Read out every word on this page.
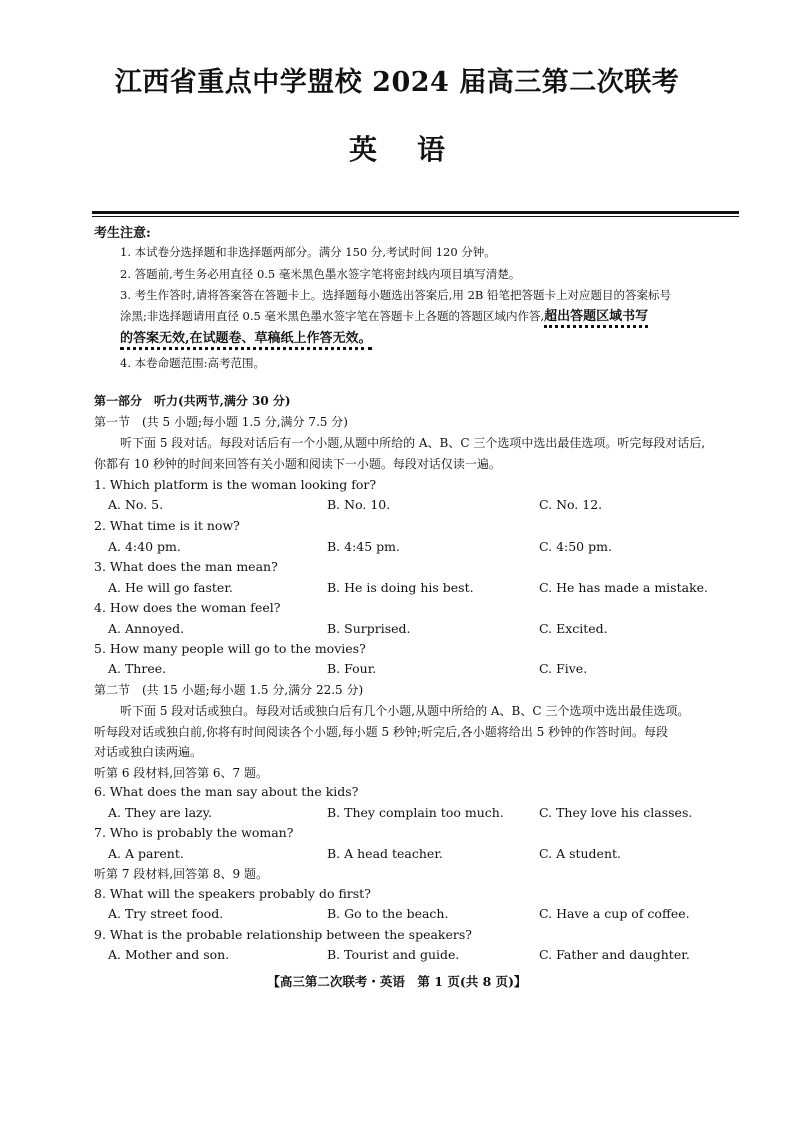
江西省重点中学盟校 2024 届高三第二次联考
英语
考生注意:
1. 本试卷分选择题和非选择题两部分。满分 150 分,考试时间 120 分钟。
2. 答题前,考生务必用直径 0.5 毫米黑色墨水签字笔将密封线内项目填写清楚。
3. 考生作答时,请将答案答在答题卡上。选择题每小题选出答案后,用 2B 铅笔把答题卡上对应题目的答案标号
涂黑;非选择题请用直径 0.5 毫米黑色墨水签字笔在答题卡上各题的答题区域内作答,超出答题区域书写
的答案无效,在试题卷、草稿纸上作答无效。
4. 本卷命题范围:高考范围。
第一部分　听力(共两节,满分 30 分)
第一节　(共 5 小题;每小题 1.5 分,满分 7.5 分)
听下面 5 段对话。每段对话后有一个小题,从题中所给的 A、B、C 三个选项中选出最佳选项。听完每段对话后,
你都有 10 秒钟的时间来回答有关小题和阅读下一小题。每段对话仅读一遍。
1. Which platform is the woman looking for?
A. No. 5.	B. No. 10.	C. No. 12.
2. What time is it now?
A. 4:40 pm.	B. 4:45 pm.	C. 4:50 pm.
3. What does the man mean?
A. He will go faster.	B. He is doing his best.	C. He has made a mistake.
4. How does the woman feel?
A. Annoyed.	B. Surprised.	C. Excited.
5. How many people will go to the movies?
A. Three.	B. Four.	C. Five.
第二节　(共 15 小题;每小题 1.5 分,满分 22.5 分)
听下面 5 段对话或独白。每段对话或独白后有几个小题,从题中所给的 A、B、C 三个选项中选出最佳选项。
听每段对话或独白前,你将有时间阅读各个小题,每小题 5 秒钟;听完后,各小题将给出 5 秒钟的作答时间。每段
对话或独白读两遍。
听第 6 段材料,回答第 6、7 题。
6. What does the man say about the kids?
A. They are lazy.	B. They complain too much.	C. They love his classes.
7. Who is probably the woman?
A. A parent.	B. A head teacher.	C. A student.
听第 7 段材料,回答第 8、9 题。
8. What will the speakers probably do first?
A. Try street food.	B. Go to the beach.	C. Have a cup of coffee.
9. What is the probable relationship between the speakers?
A. Mother and son.	B. Tourist and guide.	C. Father and daughter.
【高三第二次联考・英语　第 1 页(共 8 页)】
